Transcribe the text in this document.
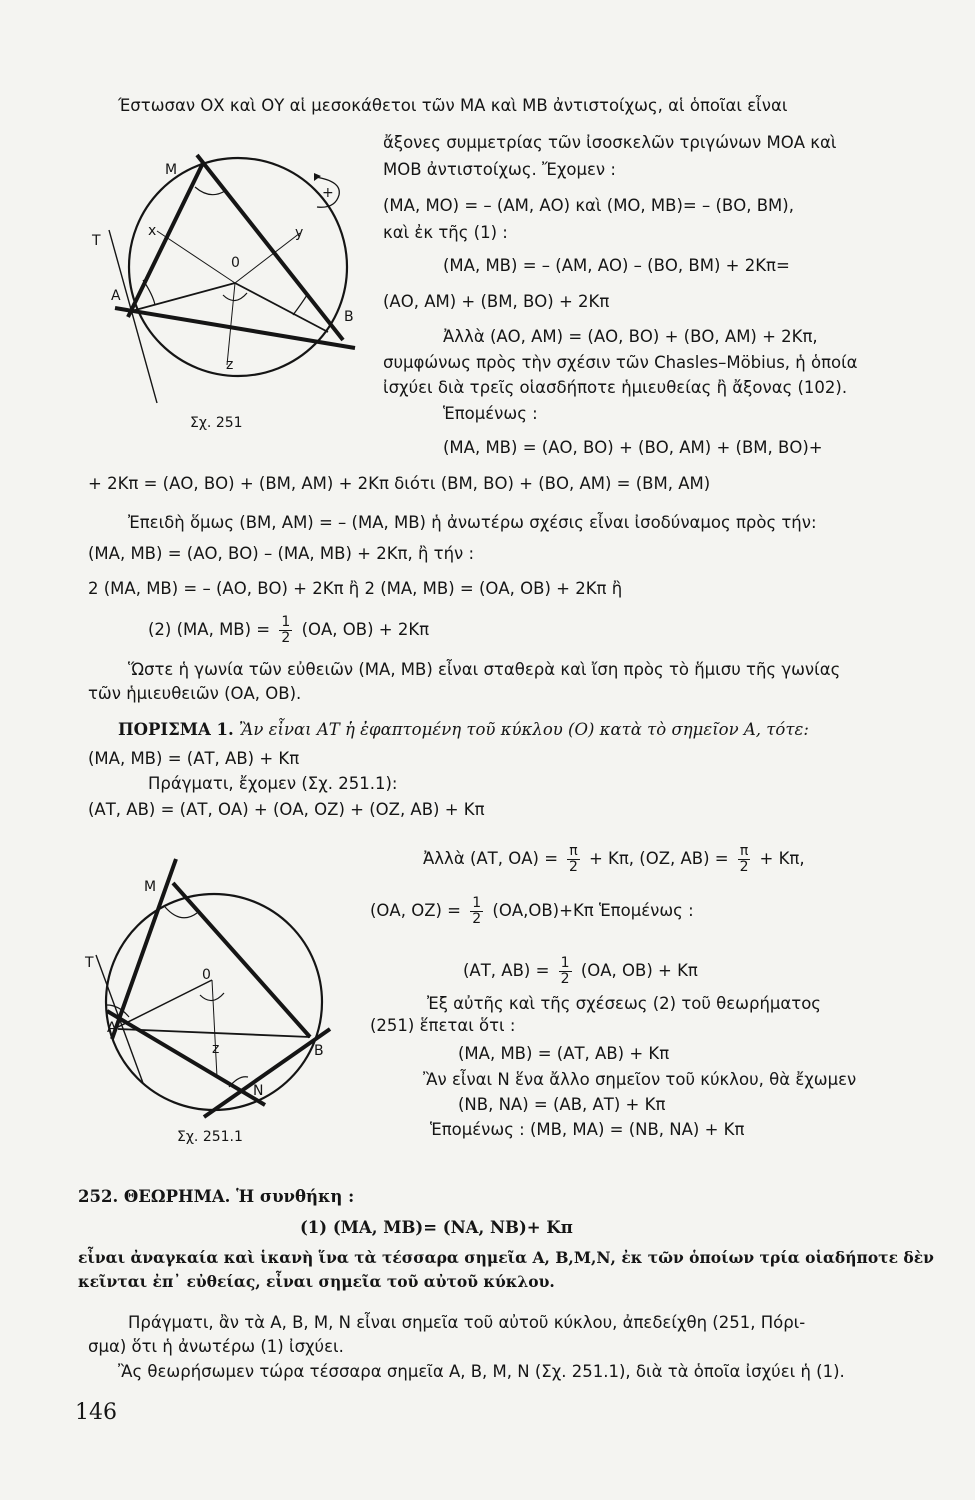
+
M
T
A
B
0
x	y
z
Σχ. 251
M
T
A
B
0
z
N
Σχ. 251.1
Έστωσαν ΟΧ καὶ ΟΥ αἱ μεσοκάθετοι τῶν ΜΑ καὶ ΜΒ ἀντιστοίχως, αἱ ὁποῖαι εἶναι
ἄξονες συμμετρίας τῶν ἰσοσκελῶν τριγώνων ΜΟΑ καὶ
ΜΟΒ ἀντιστοίχως. Ἔχομεν :
(ΜΑ, ΜΟ) = – (ΑΜ, ΑΟ) καὶ (ΜΟ, ΜΒ)= – (ΒΟ, ΒΜ),
καὶ ἐκ τῆς (1) :
(ΜΑ, ΜΒ) = – (ΑΜ, ΑΟ) – (ΒΟ, ΒΜ) + 2Κπ=
(ΑΟ, ΑΜ) + (ΒΜ, ΒΟ) + 2Κπ
Ἀλλὰ (ΑΟ, ΑΜ) = (ΑΟ, ΒΟ) + (ΒΟ, ΑΜ) + 2Κπ,
συμφώνως πρὸς τὴν σχέσιν τῶν Chasles–Möbius, ἡ ὁποία
ἰσχύει διὰ τρεῖς οἱασδήποτε ἡμιευθείας ἢ ἄξονας (102).
Ἑπομένως :
(ΜΑ, ΜΒ) = (ΑΟ, ΒΟ) + (ΒΟ, ΑΜ) + (ΒΜ, ΒΟ)+
+ 2Κπ = (ΑΟ, ΒΟ) + (ΒΜ, ΑΜ) + 2Κπ διότι (ΒΜ, ΒΟ) + (ΒΟ, ΑΜ) = (ΒΜ, ΑΜ)
Ἐπειδὴ ὅμως (ΒΜ, ΑΜ) = – (ΜΑ, ΜΒ) ἡ ἀνωτέρω σχέσις εἶναι ἰσοδύναμος πρὸς τήν:
(ΜΑ, ΜΒ) = (ΑΟ, ΒΟ) – (ΜΑ, ΜΒ) + 2Κπ, ἢ τήν :
2 (ΜΑ, ΜΒ) = – (ΑΟ, ΒΟ) + 2Κπ ἢ 2 (ΜΑ, ΜΒ) = (ΟΑ, ΟΒ) + 2Κπ ἢ
(2) (ΜΑ, $MB) = \frac{1}{2} (OA$, ΟΒ) + 2Κπ
Ὥστε ἡ γωνία τῶν εὐθειῶν (ΜΑ, ΜΒ) εἶναι σταθερὰ καὶ ἴση πρὸς τὸ ἥμισυ τῆς γωνίας
τῶν ἡμιευθειῶν (ΟΑ, ΟΒ).
ΠΟΡΙΣΜΑ 1. Ἂν εἶναι ΑΤ ἡ ἐφαπτομένη τοῦ κύκλου (Ο) κατὰ τὸ σημεῖον Α, τότε:
(ΜΑ, ΜΒ) = (ΑΤ, ΑΒ) + Κπ
Πράγματι, ἔχομεν (Σχ. 251.1):
(ΑΤ, ΑΒ) = (ΑΤ, ΟΑ) + (ΟΑ, ΟΖ) + (ΟΖ, ΑΒ) + Κπ
Ἀλλὰ (ΑΤ, $OA) = \frac{\pi}{2} + K\pi$, (ΟΖ, $AB) = \frac{\pi}{2} + K\pi$,
(ΟΑ, $OZ) = \frac{1}{2} (OA,OB)+K\pi$ Ἑπομένως :
(ΑΤ, $AB) = \frac{1}{2} (OA$, ΟΒ) + Κπ
Ἐξ αὐτῆς καὶ τῆς σχέσεως (2) τοῦ θεωρήματος
(251) ἕπεται ὅτι :
(ΜΑ, ΜΒ) = (ΑΤ, ΑΒ) + Κπ
Ἂν εἶναι Ν ἕνα ἄλλο σημεῖον τοῦ κύκλου, θὰ ἔχωμεν
(ΝΒ, ΝΑ) = (ΑΒ, ΑΤ) + Κπ
Ἑπομένως : (ΜΒ, ΜΑ) = (ΝΒ, ΝΑ) + Κπ
252. ΘΕΩΡΗΜΑ. Ἡ συνθήκη :
(1) (ΜΑ, ΜΒ)= (ΝΑ, ΝΒ)+ Κπ
εἶναι ἀναγκαία καὶ ἱκανὴ ἵνα τὰ τέσσαρα σημεῖα Α, Β,Μ,Ν, ἐκ τῶν ὁποίων τρία οἱαδήποτε δὲν
κεῖνται ἐπ᾿ εὐθείας, εἶναι σημεῖα τοῦ αὐτοῦ κύκλου.
Πράγματι, ἂν τὰ Α, Β, Μ, Ν εἶναι σημεῖα τοῦ αὐτοῦ κύκλου, ἀπεδείχθη (251, Πόρι-
σμα) ὅτι ἡ ἀνωτέρω (1) ἰσχύει.
Ἂς θεωρήσωμεν τώρα τέσσαρα σημεῖα Α, Β, Μ, Ν (Σχ. 251.1), διὰ τὰ ὁποῖα ἰσχύει ἡ (1).
146
